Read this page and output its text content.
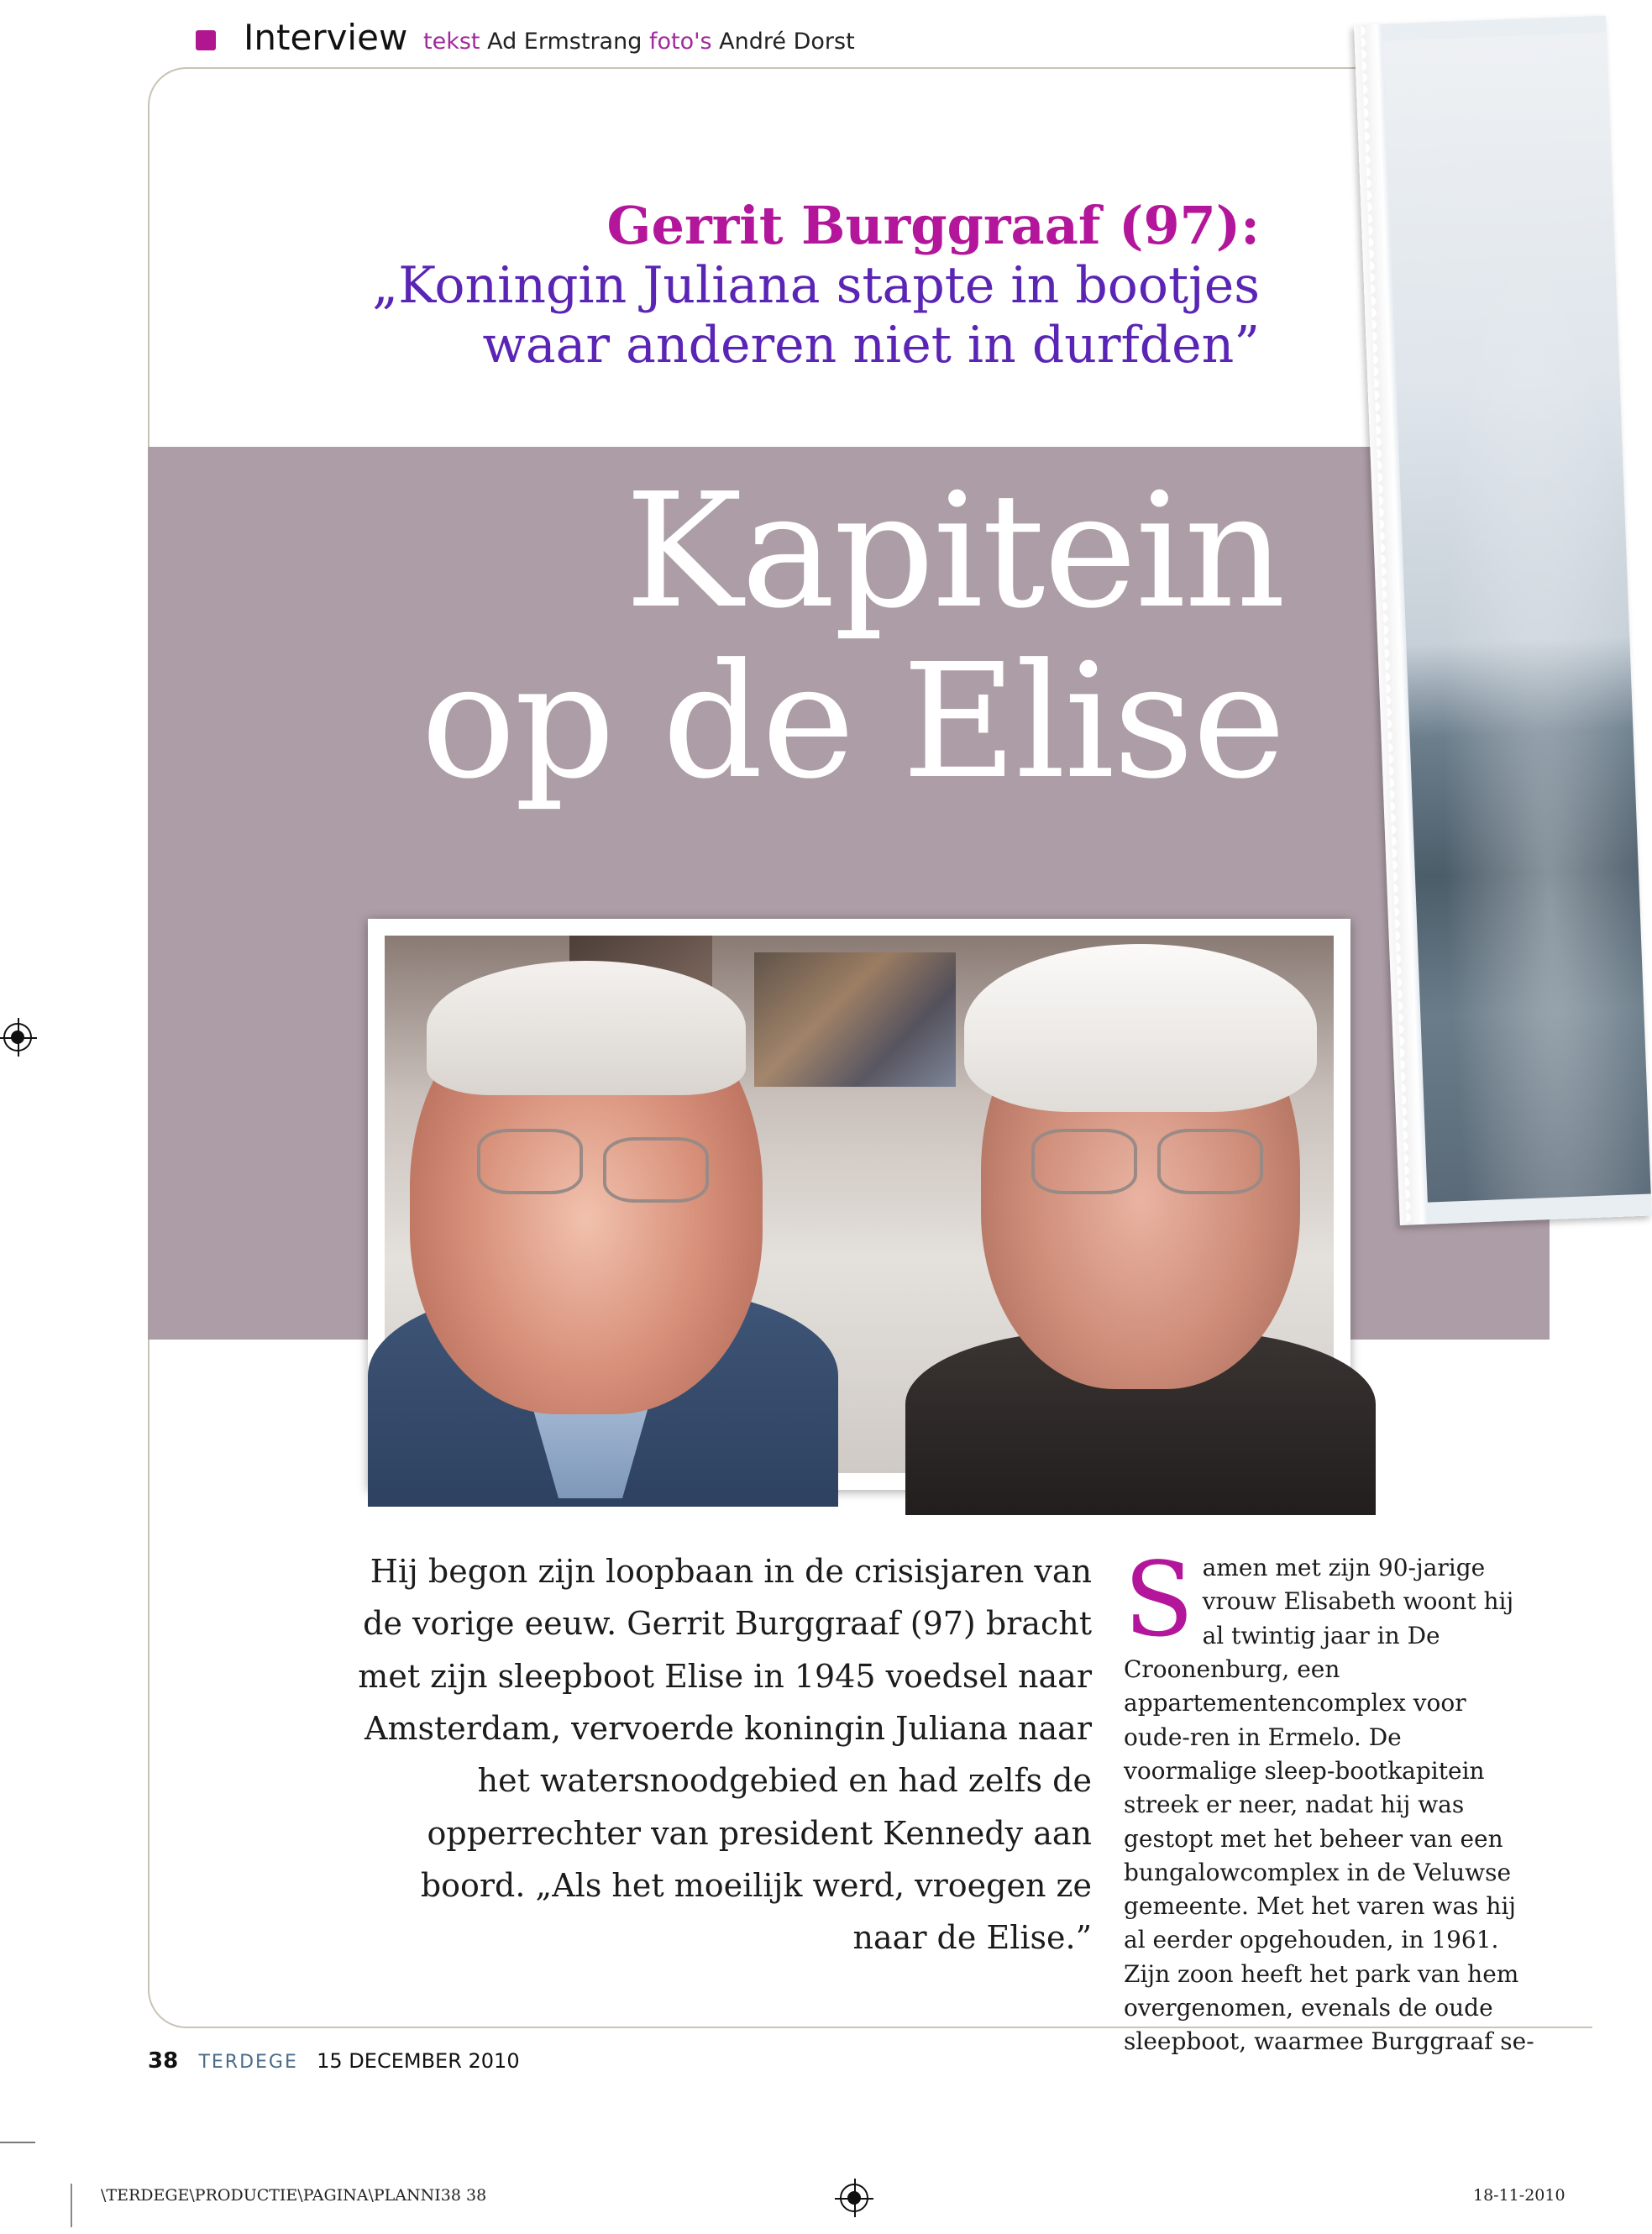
Interview tekst Ad Ermstrang foto's André Dorst
Gerrit Burggraaf (97):
„Koningin Juliana stapte in bootjes
waar anderen niet in durfden”
Kapitein
op de Elise
Hij begon zijn loopbaan in de crisisjaren van de vorige eeuw. Gerrit Burggraaf (97) bracht met zijn sleepboot Elise in 1945 voedsel naar Amsterdam, vervoerde koningin Juliana naar het watersnoodgebied en had zelfs de opperrechter van president Kennedy aan boord. „Als het moeilijk werd, vroegen ze naar de Elise.”
S amen met zijn 90-jarige vrouw Elisabeth woont hij al twintig jaar in De Croonenburg, een appartementencomplex voor oude-ren in Ermelo. De voormalige sleep-bootkapitein streek er neer, nadat hij was gestopt met het beheer van een bungalowcomplex in de Veluwse gemeente. Met het varen was hij al eerder opgehouden, in 1961.

Zijn zoon heeft het park van hem overgenomen, evenals de oude sleepboot, waarmee Burggraaf se-

38 TERDEGE 15 DECEMBER 2010
\TERDEGE\PRODUCTIE\PAGINA\PLANNI38 38	18-11-2010
